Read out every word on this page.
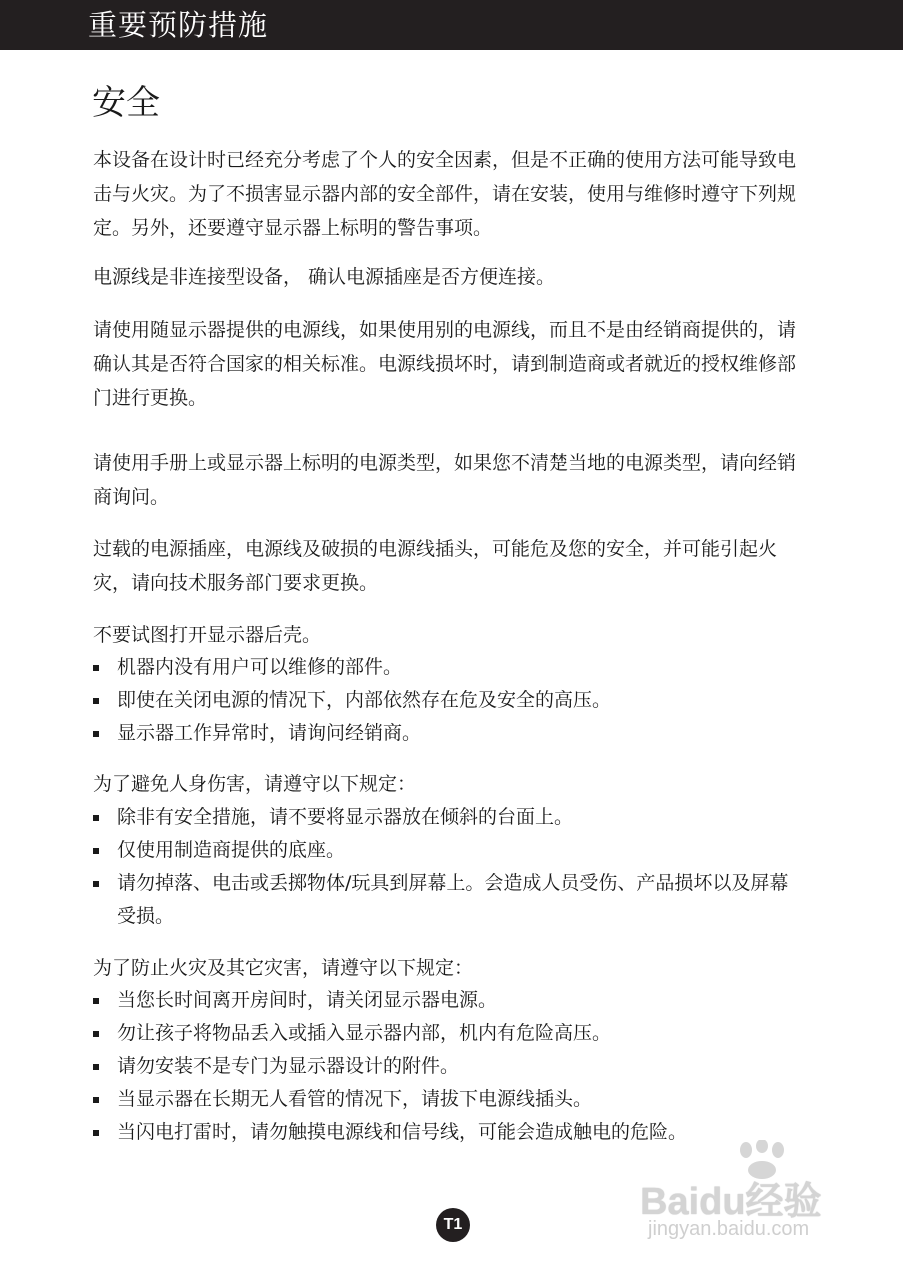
重要预防措施
安全

本设备在设计时已经充分考虑了个人的安全因素，但是不正确的使用方法可能导致电击与火灾。为了不损害显示器内部的安全部件，请在安装，使用与维修时遵守下列规定。另外，还要遵守显示器上标明的警告事项。

电源线是非连接型设备， 确认电源插座是否方便连接。

请使用随显示器提供的电源线，如果使用别的电源线，而且不是由经销商提供的，请确认其是否符合国家的相关标准。电源线损坏时，请到制造商或者就近的授权维修部门进行更换。

请使用手册上或显示器上标明的电源类型，如果您不清楚当地的电源类型，请向经销商询问。

过载的电源插座，电源线及破损的电源线插头，可能危及您的安全，并可能引起火灾，请向技术服务部门要求更换。

不要试图打开显示器后壳。

机器内没有用户可以维修的部件。
即使在关闭电源的情况下，内部依然存在危及安全的高压。
显示器工作异常时，请询问经销商。

为了避免人身伤害，请遵守以下规定：

除非有安全措施，请不要将显示器放在倾斜的台面上。
仅使用制造商提供的底座。
请勿掉落、电击或丢掷物体/玩具到屏幕上。会造成人员受伤、产品损坏以及屏幕受损。

为了防止火灾及其它灾害，请遵守以下规定：

当您长时间离开房间时，请关闭显示器电源。
勿让孩子将物品丢入或插入显示器内部，机内有危险高压。
请勿安装不是专门为显示器设计的附件。
当显示器在长期无人看管的情况下，请拔下电源线插头。
当闪电打雷时，请勿触摸电源线和信号线，可能会造成触电的危险。
Baidu经验
jingyan.baidu.com
T1
